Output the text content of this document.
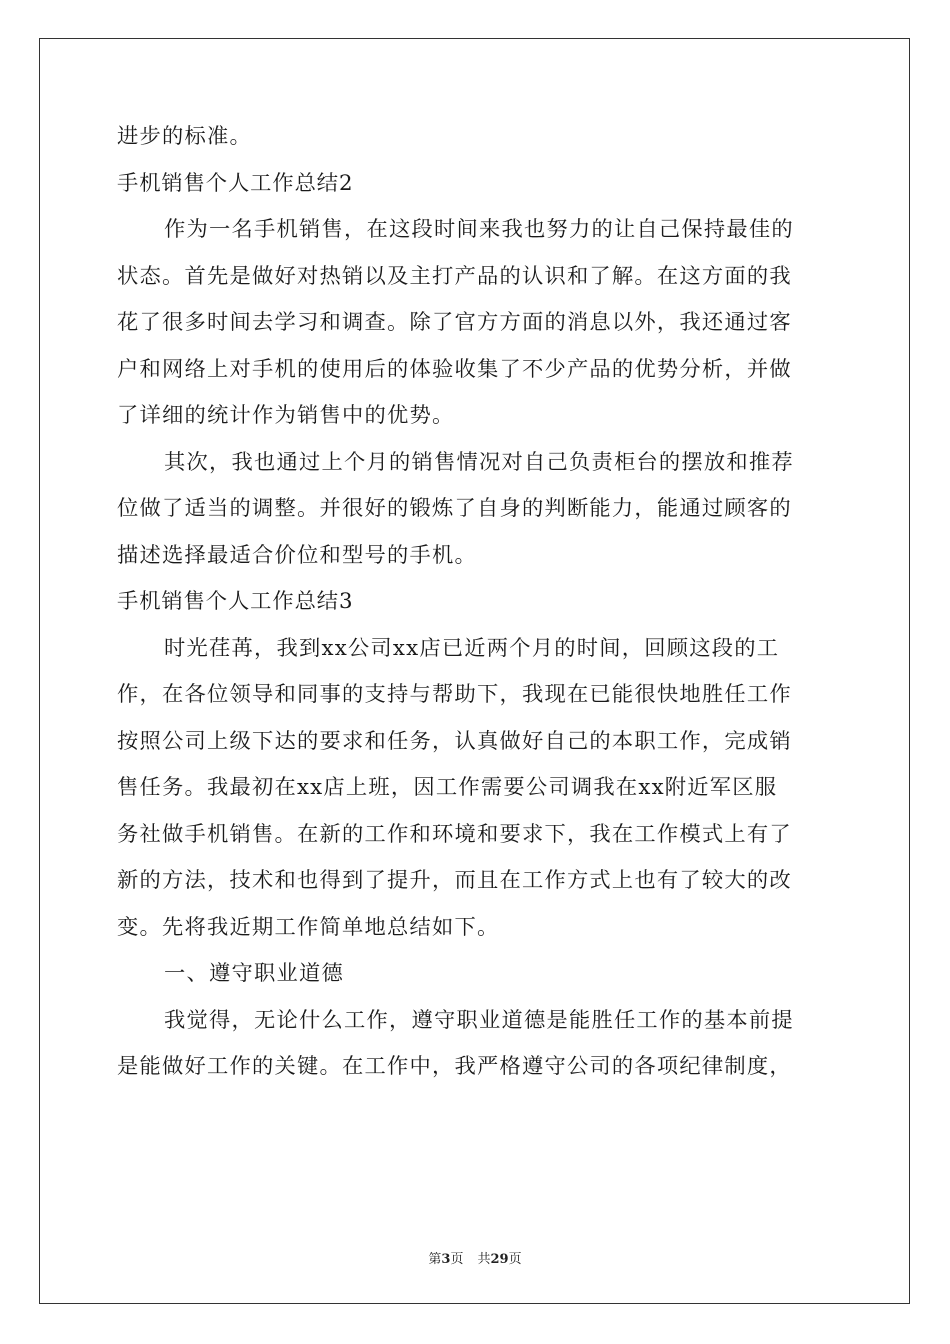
进步的标准。

手机销售个人工作总结2

作为一名手机销售，在这段时间来我也努力的让自己保持最佳的

状态。首先是做好对热销以及主打产品的认识和了解。在这方面的我

花了很多时间去学习和调查。除了官方方面的消息以外，我还通过客

户和网络上对手机的使用后的体验收集了不少产品的优势分析，并做

了详细的统计作为销售中的优势。

其次，我也通过上个月的销售情况对自己负责柜台的摆放和推荐

位做了适当的调整。并很好的锻炼了自身的判断能力，能通过顾客的

描述选择最适合价位和型号的手机。

手机销售个人工作总结3

时光荏苒，我到xx公司xx店已近两个月的时间，回顾这段的工

作，在各位领导和同事的支持与帮助下，我现在已能很快地胜任工作

按照公司上级下达的要求和任务，认真做好自己的本职工作，完成销

售任务。我最初在xx店上班，因工作需要公司调我在xx附近军区服

务社做手机销售。在新的工作和环境和要求下，我在工作模式上有了

新的方法，技术和也得到了提升，而且在工作方式上也有了较大的改

变。先将我近期工作简单地总结如下。

一、遵守职业道德

我觉得，无论什么工作，遵守职业道德是能胜任工作的基本前提

是能做好工作的关键。在工作中，我严格遵守公司的各项纪律制度，

第3页 共29页
